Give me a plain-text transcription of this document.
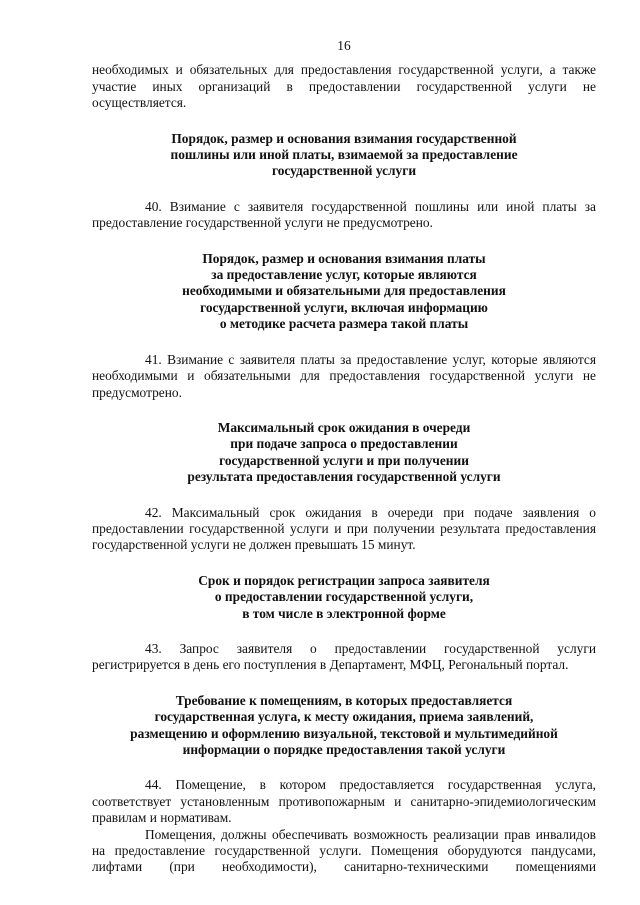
16

необходимых и обязательных для предоставления государственной услуги, а также участие иных организаций в предоставлении государственной услуги не осуществляется.

Порядок, размер и основания взимания государственной
пошлины или иной платы, взимаемой за предоставление
государственной услуги

40. Взимание с заявителя государственной пошлины или иной платы за предоставление государственной услуги не предусмотрено.

Порядок, размер и основания взимания платы
за предоставление услуг, которые являются
необходимыми и обязательными для предоставления
государственной услуги, включая информацию
о методике расчета размера такой платы

41. Взимание с заявителя платы за предоставление услуг, которые являются необходимыми и обязательными для предоставления государственной услуги не предусмотрено.

Максимальный срок ожидания в очереди
при подаче запроса о предоставлении
государственной услуги и при получении
результата предоставления государственной услуги

42. Максимальный срок ожидания в очереди при подаче заявления о предоставлении государственной услуги и при получении результата предоставления государственной услуги не должен превышать 15 минут.

Срок и порядок регистрации запроса заявителя
о предоставлении государственной услуги,
в том числе в электронной форме

43. Запрос заявителя о предоставлении государственной услуги регистрируется в день его поступления в Департамент, МФЦ, Регональный портал.

Требование к помещениям, в которых предоставляется
государственная услуга, к месту ожидания, приема заявлений,
размещению и оформлению визуальной, текстовой и мультимедийной
информации о порядке предоставления такой услуги

44. Помещение, в котором предоставляется государственная услуга, соответствует установленным противопожарным и санитарно-эпидемиологическим правилам и нормативам.

Помещения, должны обеспечивать возможность реализации прав инвалидов на предоставление государственной услуги. Помещения оборудуются пандусами, лифтами (при необходимости), санитарно-техническими помещениями
